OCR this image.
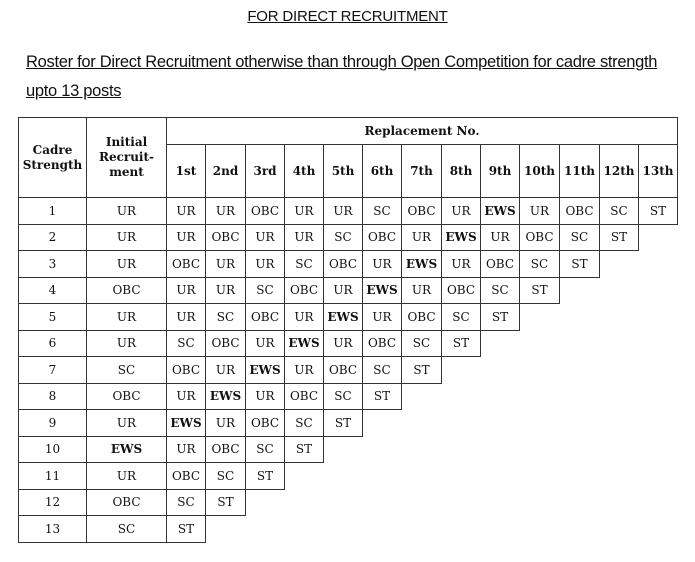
FOR DIRECT RECRUITMENT
Roster for Direct Recruitment otherwise than through Open Competition for cadre strength upto 13 posts
Cadre Strength	Initial Recruit- ment	Replacement No.												
		1st	2nd	3rd	4th	5th	6th	7th	8th	9th	10th	11th	12th	13th
1	UR	UR	UR	OBC	UR	UR	SC	OBC	UR	EWS	UR	OBC	SC	ST
2	UR	UR	OBC	UR	UR	SC	OBC	UR	EWS	UR	OBC	SC	ST	
3	UR	OBC	UR	UR	SC	OBC	UR	EWS	UR	OBC	SC	ST		
4	OBC	UR	UR	SC	OBC	UR	EWS	UR	OBC	SC	ST			
5	UR	UR	SC	OBC	UR	EWS	UR	OBC	SC	ST				
6	UR	SC	OBC	UR	EWS	UR	OBC	SC	ST					
7	SC	OBC	UR	EWS	UR	OBC	SC	ST						
8	OBC	UR	EWS	UR	OBC	SC	ST							
9	UR	EWS	UR	OBC	SC	ST								
10	EWS	UR	OBC	SC	ST									
11	UR	OBC	SC	ST										
12	OBC	SC	ST											
13	SC	ST												
